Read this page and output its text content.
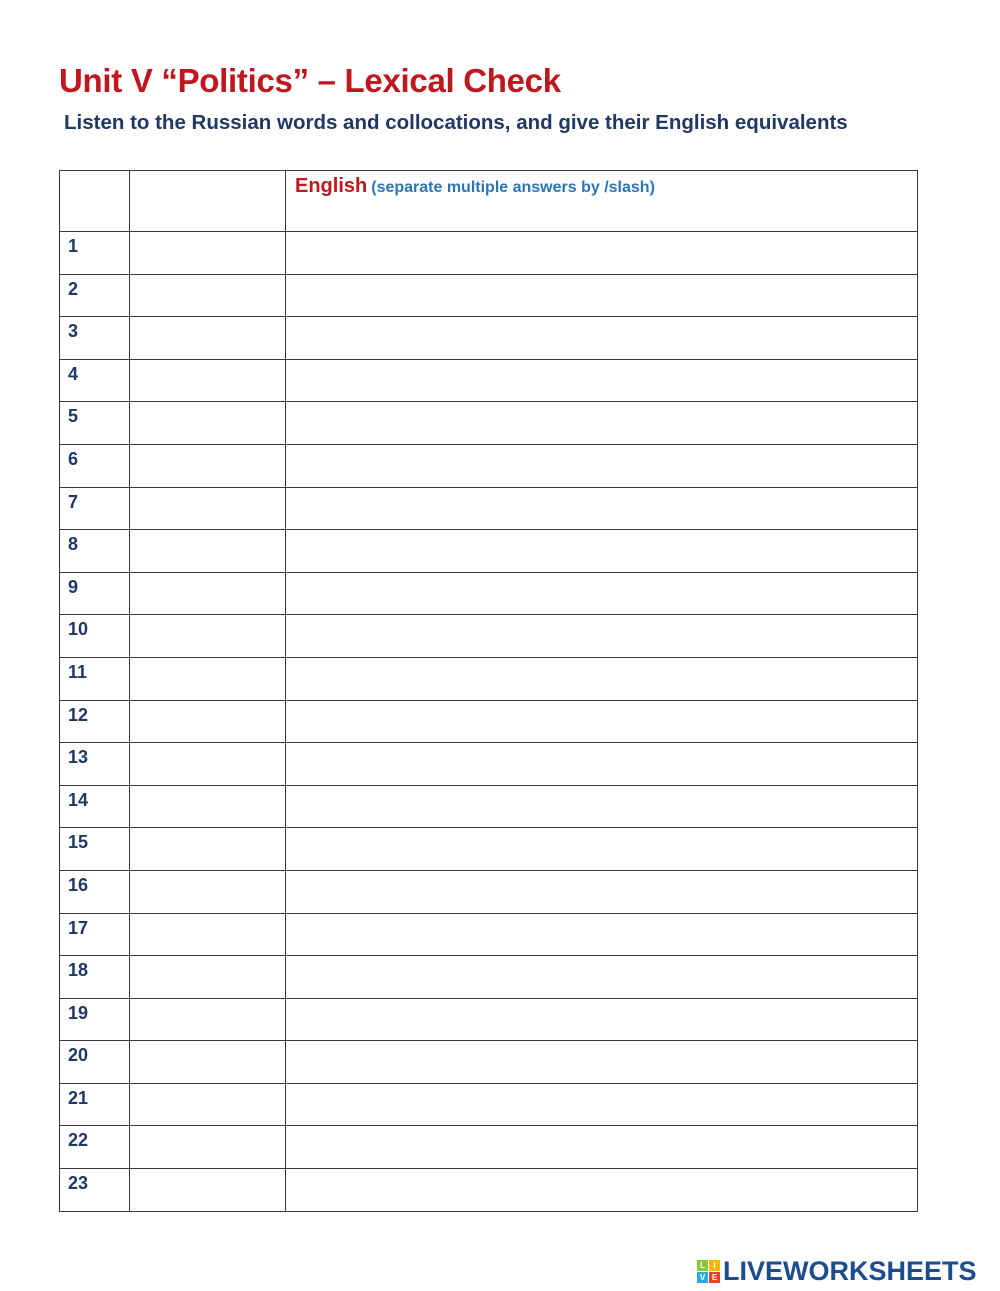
Unit V “Politics” – Lexical Check
Listen to the Russian words and collocations, and give their English equivalents

		English (separate multiple answers by /slash)

1

2

3

4

5

6

7

8

9

10

11

12

13

14

15

16

17

18

19

20

21

22

23

L	I
V E LIVEWORKSHEETS
